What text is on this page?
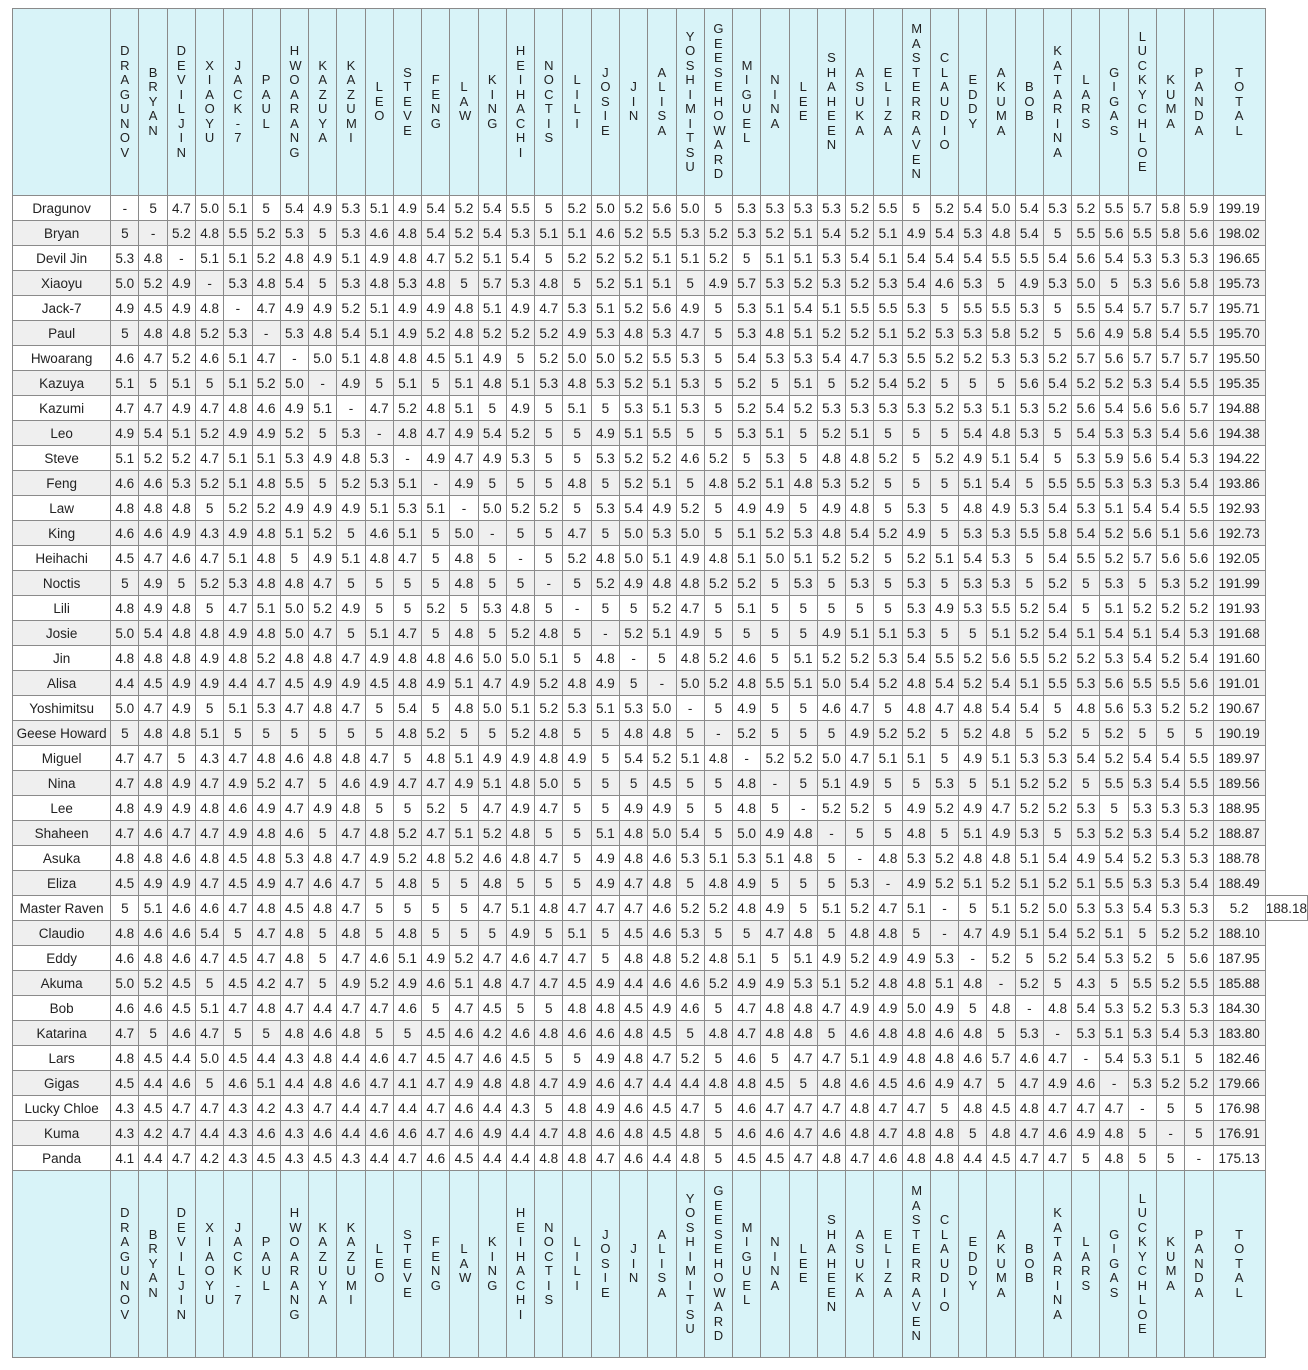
	DRAGUNOV	BRYAN	DEVIL JIN	XIAOYU	JACK-7	PAUL	HWOARANG	KAZUYA	KAZUMI	LEO	STEVE	FENG	LAW	KING	HEIHACHI	NOCTIS	LILI	JOSIE	JIN	ALISA	YOSHIMITSU	GEESE HOWARD	MIGUEL	NINA	LEE	SHAHEEN	ASUKA	ELIZA	MASTER RAVEN	CLAUDIO	EDDY	AKUMA	BOB	KATARINA	LARS	GIGAS	LUCKY CHLOE	KUMA	PANDA	TOTAL	
Dragunov	-	5	4.7	5.0	5.1	5	5.4	4.9	5.3	5.1	4.9	5.4	5.2	5.4	5.5	5	5.2	5.0	5.2	5.6	5.0	5	5.3	5.3	5.3	5.3	5.2	5.5	5	5.2	5.4	5.0	5.4	5.3	5.2	5.5	5.7	5.8	5.9	199.19	
Bryan	5	-	5.2	4.8	5.5	5.2	5.3	5	5.3	4.6	4.8	5.4	5.2	5.4	5.3	5.1	5.1	4.6	5.2	5.5	5.3	5.2	5.3	5.2	5.1	5.4	5.2	5.1	4.9	5.4	5.3	4.8	5.4	5	5.5	5.6	5.5	5.8	5.6	198.02	
Devil Jin	5.3	4.8	-	5.1	5.1	5.2	4.8	4.9	5.1	4.9	4.8	4.7	5.2	5.1	5.4	5	5.2	5.2	5.2	5.1	5.1	5.2	5	5.1	5.1	5.3	5.4	5.1	5.4	5.4	5.4	5.5	5.5	5.4	5.6	5.4	5.3	5.3	5.3	196.65	
Xiaoyu	5.0	5.2	4.9	-	5.3	4.8	5.4	5	5.3	4.8	5.3	4.8	5	5.7	5.3	4.8	5	5.2	5.1	5.1	5	4.9	5.7	5.3	5.2	5.3	5.2	5.3	5.4	4.6	5.3	5	4.9	5.3	5.0	5	5.3	5.6	5.8	195.73	
Jack-7	4.9	4.5	4.9	4.8	-	4.7	4.9	4.9	5.2	5.1	4.9	4.9	4.8	5.1	4.9	4.7	5.3	5.1	5.2	5.6	4.9	5	5.3	5.1	5.4	5.1	5.5	5.5	5.3	5	5.5	5.5	5.3	5	5.5	5.4	5.7	5.7	5.7	195.71	
Paul	5	4.8	4.8	5.2	5.3	-	5.3	4.8	5.4	5.1	4.9	5.2	4.8	5.2	5.2	5.2	4.9	5.3	4.8	5.3	4.7	5	5.3	4.8	5.1	5.2	5.2	5.1	5.2	5.3	5.3	5.8	5.2	5	5.6	4.9	5.8	5.4	5.5	195.70	
Hwoarang	4.6	4.7	5.2	4.6	5.1	4.7	-	5.0	5.1	4.8	4.8	4.5	5.1	4.9	5	5.2	5.0	5.0	5.2	5.5	5.3	5	5.4	5.3	5.3	5.4	4.7	5.3	5.5	5.2	5.2	5.3	5.3	5.2	5.7	5.6	5.7	5.7	5.7	195.50	
Kazuya	5.1	5	5.1	5	5.1	5.2	5.0	-	4.9	5	5.1	5	5.1	4.8	5.1	5.3	4.8	5.3	5.2	5.1	5.3	5	5.2	5	5.1	5	5.2	5.4	5.2	5	5	5	5.6	5.4	5.2	5.2	5.3	5.4	5.5	195.35	
Kazumi	4.7	4.7	4.9	4.7	4.8	4.6	4.9	5.1	-	4.7	5.2	4.8	5.1	5	4.9	5	5.1	5	5.3	5.1	5.3	5	5.2	5.4	5.2	5.3	5.3	5.3	5.3	5.2	5.3	5.1	5.3	5.2	5.6	5.4	5.6	5.6	5.7	194.88	
Leo	4.9	5.4	5.1	5.2	4.9	4.9	5.2	5	5.3	-	4.8	4.7	4.9	5.4	5.2	5	5	4.9	5.1	5.5	5	5	5.3	5.1	5	5.2	5.1	5	5	5	5.4	4.8	5.3	5	5.4	5.3	5.3	5.4	5.6	194.38	
Steve	5.1	5.2	5.2	4.7	5.1	5.1	5.3	4.9	4.8	5.3	-	4.9	4.7	4.9	5.3	5	5	5.3	5.2	5.2	4.6	5.2	5	5.3	5	4.8	4.8	5.2	5	5.2	4.9	5.1	5.4	5	5.3	5.9	5.6	5.4	5.3	194.22	
Feng	4.6	4.6	5.3	5.2	5.1	4.8	5.5	5	5.2	5.3	5.1	-	4.9	5	5	5	4.8	5	5.2	5.1	5	4.8	5.2	5.1	4.8	5.3	5.2	5	5	5	5.1	5.4	5	5.5	5.5	5.3	5.3	5.3	5.4	193.86	
Law	4.8	4.8	4.8	5	5.2	5.2	4.9	4.9	4.9	5.1	5.3	5.1	-	5.0	5.2	5.2	5	5.3	5.4	4.9	5.2	5	4.9	4.9	5	4.9	4.8	5	5.3	5	4.8	4.9	5.3	5.4	5.3	5.1	5.4	5.4	5.5	192.93	
King	4.6	4.6	4.9	4.3	4.9	4.8	5.1	5.2	5	4.6	5.1	5	5.0	-	5	5	4.7	5	5.0	5.3	5.0	5	5.1	5.2	5.3	4.8	5.4	5.2	4.9	5	5.3	5.3	5.5	5.8	5.4	5.2	5.6	5.1	5.6	192.73	
Heihachi	4.5	4.7	4.6	4.7	5.1	4.8	5	4.9	5.1	4.8	4.7	5	4.8	5	-	5	5.2	4.8	5.0	5.1	4.9	4.8	5.1	5.0	5.1	5.2	5.2	5	5.2	5.1	5.4	5.3	5	5.4	5.5	5.2	5.7	5.6	5.6	192.05	
Noctis	5	4.9	5	5.2	5.3	4.8	4.8	4.7	5	5	5	5	4.8	5	5	-	5	5.2	4.9	4.8	4.8	5.2	5.2	5	5.3	5	5.3	5	5.3	5	5.3	5.3	5	5.2	5	5.3	5	5.3	5.2	191.99	
Lili	4.8	4.9	4.8	5	4.7	5.1	5.0	5.2	4.9	5	5	5.2	5	5.3	4.8	5	-	5	5	5.2	4.7	5	5.1	5	5	5	5	5	5.3	4.9	5.3	5.5	5.2	5.4	5	5.1	5.2	5.2	5.2	191.93	
Josie	5.0	5.4	4.8	4.8	4.9	4.8	5.0	4.7	5	5.1	4.7	5	4.8	5	5.2	4.8	5	-	5.2	5.1	4.9	5	5	5	5	4.9	5.1	5.1	5.3	5	5	5.1	5.2	5.4	5.1	5.4	5.1	5.4	5.3	191.68	
Jin	4.8	4.8	4.8	4.9	4.8	5.2	4.8	4.8	4.7	4.9	4.8	4.8	4.6	5.0	5.0	5.1	5	4.8	-	5	4.8	5.2	4.6	5	5.1	5.2	5.2	5.3	5.4	5.5	5.2	5.6	5.5	5.2	5.2	5.3	5.4	5.2	5.4	191.60	
Alisa	4.4	4.5	4.9	4.9	4.4	4.7	4.5	4.9	4.9	4.5	4.8	4.9	5.1	4.7	4.9	5.2	4.8	4.9	5	-	5.0	5.2	4.8	5.5	5.1	5.0	5.4	5.2	4.8	5.4	5.2	5.4	5.1	5.5	5.3	5.6	5.5	5.5	5.6	191.01	
Yoshimitsu	5.0	4.7	4.9	5	5.1	5.3	4.7	4.8	4.7	5	5.4	5	4.8	5.0	5.1	5.2	5.3	5.1	5.3	5.0	-	5	4.9	5	5	4.6	4.7	5	4.8	4.7	4.8	5.4	5.4	5	4.8	5.6	5.3	5.2	5.2	190.67	
Geese Howard	5	4.8	4.8	5.1	5	5	5	5	5	5	4.8	5.2	5	5	5.2	4.8	5	5	4.8	4.8	5	-	5.2	5	5	5	4.9	5.2	5.2	5	5.2	4.8	5	5.2	5	5.2	5	5	5	190.19	
Miguel	4.7	4.7	5	4.3	4.7	4.8	4.6	4.8	4.8	4.7	5	4.8	5.1	4.9	4.9	4.8	4.9	5	5.4	5.2	5.1	4.8	-	5.2	5.2	5.0	4.7	5.1	5.1	5	4.9	5.1	5.3	5.3	5.4	5.2	5.4	5.4	5.5	189.97	
Nina	4.7	4.8	4.9	4.7	4.9	5.2	4.7	5	4.6	4.9	4.7	4.7	4.9	5.1	4.8	5.0	5	5	5	4.5	5	5	4.8	-	5	5.1	4.9	5	5	5.3	5	5.1	5.2	5.2	5	5.5	5.3	5.4	5.5	189.56	
Lee	4.8	4.9	4.9	4.8	4.6	4.9	4.7	4.9	4.8	5	5	5.2	5	4.7	4.9	4.7	5	5	4.9	4.9	5	5	4.8	5	-	5.2	5.2	5	4.9	5.2	4.9	4.7	5.2	5.2	5.3	5	5.3	5.3	5.3	188.95	
Shaheen	4.7	4.6	4.7	4.7	4.9	4.8	4.6	5	4.7	4.8	5.2	4.7	5.1	5.2	4.8	5	5	5.1	4.8	5.0	5.4	5	5.0	4.9	4.8	-	5	5	4.8	5	5.1	4.9	5.3	5	5.3	5.2	5.3	5.4	5.2	188.87	
Asuka	4.8	4.8	4.6	4.8	4.5	4.8	5.3	4.8	4.7	4.9	5.2	4.8	5.2	4.6	4.8	4.7	5	4.9	4.8	4.6	5.3	5.1	5.3	5.1	4.8	5	-	4.8	5.3	5.2	4.8	4.8	5.1	5.4	4.9	5.4	5.2	5.3	5.3	188.78	
Eliza	4.5	4.9	4.9	4.7	4.5	4.9	4.7	4.6	4.7	5	4.8	5	5	4.8	5	5	5	4.9	4.7	4.8	5	4.8	4.9	5	5	5	5.3	-	4.9	5.2	5.1	5.2	5.1	5.2	5.1	5.5	5.3	5.3	5.4	188.49	
Master Raven	5	5.1	4.6	4.6	4.7	4.8	4.5	4.8	4.7	5	5	5	5	4.7	5.1	4.8	4.7	4.7	4.7	4.6	5.2	5.2	4.8	4.9	5	5.1	5.2	4.7	5.1	-	5	5.1	5.2	5.0	5.3	5.3	5.4	5.3	5.3	5.2	188.18
Claudio	4.8	4.6	4.6	5.4	5	4.7	4.8	5	4.8	5	4.8	5	5	5	4.9	5	5.1	5	4.5	4.6	5.3	5	5	4.7	4.8	5	4.8	4.8	5	-	4.7	4.9	5.1	5.4	5.2	5.1	5	5.2	5.2	188.10	
Eddy	4.6	4.8	4.6	4.7	4.5	4.7	4.8	5	4.7	4.6	5.1	4.9	5.2	4.7	4.6	4.7	4.7	5	4.8	4.8	5.2	4.8	5.1	5	5.1	4.9	5.2	4.9	4.9	5.3	-	5.2	5	5.2	5.4	5.3	5.2	5	5.6	187.95	
Akuma	5.0	5.2	4.5	5	4.5	4.2	4.7	5	4.9	5.2	4.9	4.6	5.1	4.8	4.7	4.7	4.5	4.9	4.4	4.6	4.6	5.2	4.9	4.9	5.3	5.1	5.2	4.8	4.8	5.1	4.8	-	5.2	5	4.3	5	5.5	5.2	5.5	185.88	
Bob	4.6	4.6	4.5	5.1	4.7	4.8	4.7	4.4	4.7	4.7	4.6	5	4.7	4.5	5	5	4.8	4.8	4.5	4.9	4.6	5	4.7	4.8	4.8	4.7	4.9	4.9	5.0	4.9	5	4.8	-	4.8	5.4	5.3	5.2	5.3	5.3	184.30	
Katarina	4.7	5	4.6	4.7	5	5	4.8	4.6	4.8	5	5	4.5	4.6	4.2	4.6	4.8	4.6	4.6	4.8	4.5	5	4.8	4.7	4.8	4.8	5	4.6	4.8	4.8	4.6	4.8	5	5.3	-	5.3	5.1	5.3	5.4	5.3	183.80	
Lars	4.8	4.5	4.4	5.0	4.5	4.4	4.3	4.8	4.4	4.6	4.7	4.5	4.7	4.6	4.5	5	5	4.9	4.8	4.7	5.2	5	4.6	5	4.7	4.7	5.1	4.9	4.8	4.8	4.6	5.7	4.6	4.7	-	5.4	5.3	5.1	5	182.46	
Gigas	4.5	4.4	4.6	5	4.6	5.1	4.4	4.8	4.6	4.7	4.1	4.7	4.9	4.8	4.8	4.7	4.9	4.6	4.7	4.4	4.4	4.8	4.8	4.5	5	4.8	4.6	4.5	4.6	4.9	4.7	5	4.7	4.9	4.6	-	5.3	5.2	5.2	179.66	
Lucky Chloe	4.3	4.5	4.7	4.7	4.3	4.2	4.3	4.7	4.4	4.7	4.4	4.7	4.6	4.4	4.3	5	4.8	4.9	4.6	4.5	4.7	5	4.6	4.7	4.7	4.7	4.8	4.7	4.7	5	4.8	4.5	4.8	4.7	4.7	4.7	-	5	5	176.98	
Kuma	4.3	4.2	4.7	4.4	4.3	4.6	4.3	4.6	4.4	4.6	4.6	4.7	4.6	4.9	4.4	4.7	4.8	4.6	4.8	4.5	4.8	5	4.6	4.6	4.7	4.6	4.8	4.7	4.8	4.8	5	4.8	4.7	4.6	4.9	4.8	5	-	5	176.91	
Panda	4.1	4.4	4.7	4.2	4.3	4.5	4.3	4.5	4.3	4.4	4.7	4.6	4.5	4.4	4.4	4.8	4.8	4.7	4.6	4.4	4.8	5	4.5	4.5	4.7	4.8	4.7	4.6	4.8	4.8	4.4	4.5	4.7	4.7	5	4.8	5	5	-	175.13	
	DRAGUNOV	BRYAN	DEVIL JIN	XIAOYU	JACK-7	PAUL	HWOARANG	KAZUYA	KAZUMI	LEO	STEVE	FENG	LAW	KING	HEIHACHI	NOCTIS	LILI	JOSIE	JIN	ALISA	YOSHIMITSU	GEESE HOWARD	MIGUEL	NINA	LEE	SHAHEEN	ASUKA	ELIZA	MASTER RAVEN	CLAUDIO	EDDY	AKUMA	BOB	KATARINA	LARS	GIGAS	LUCKY CHLOE	KUMA	PANDA	TOTAL	
